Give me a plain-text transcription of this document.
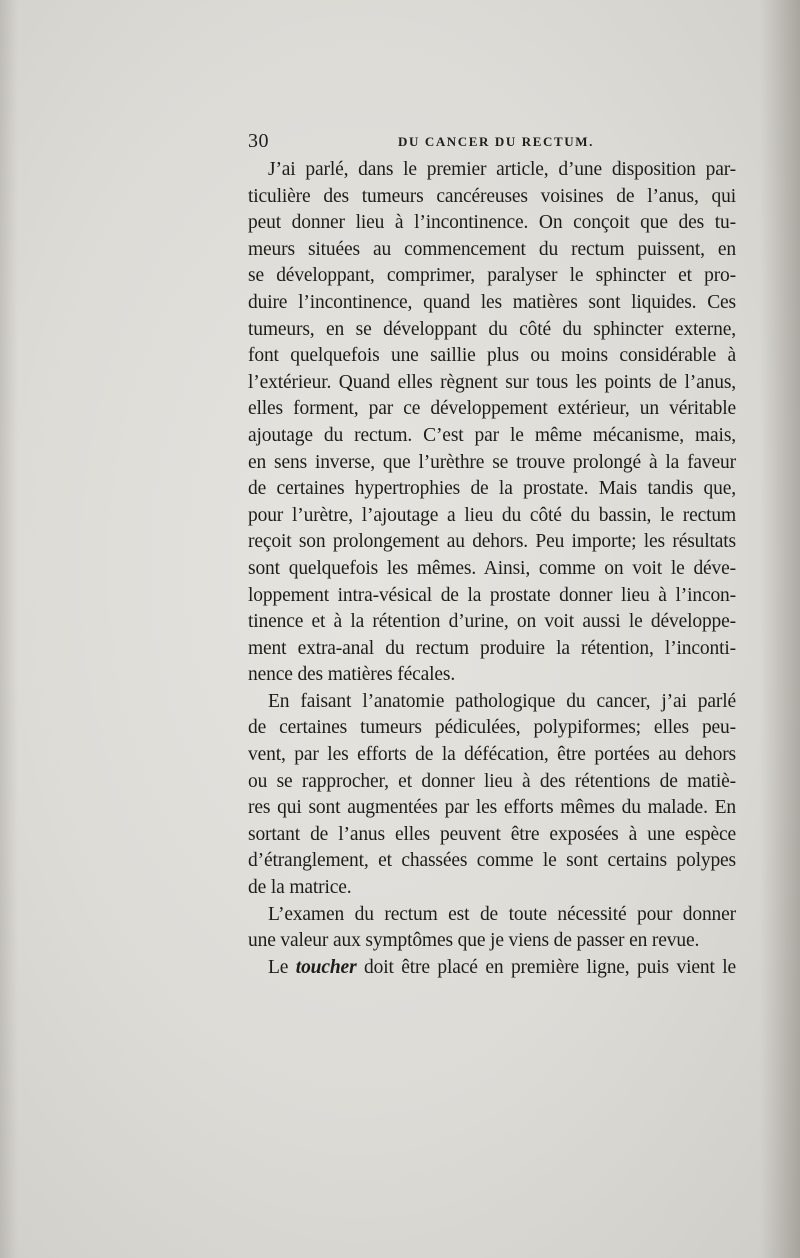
30	DU CANCER DU RECTUM.
J’ai parlé, dans le premier article, d’une disposition par-
ticulière des tumeurs cancéreuses voisines de l’anus, qui
peut donner lieu à l’incontinence. On conçoit que des tu-
meurs situées au commencement du rectum puissent, en
se développant, comprimer, paralyser le sphincter et pro-
duire l’incontinence, quand les matières sont liquides. Ces
tumeurs, en se développant du côté du sphincter externe,
font quelquefois une saillie plus ou moins considérable à
l’extérieur. Quand elles règnent sur tous les points de l’anus,
elles forment, par ce développement extérieur, un véritable
ajoutage du rectum. C’est par le même mécanisme, mais,
en sens inverse, que l’urèthre se trouve prolongé à la faveur
de certaines hypertrophies de la prostate. Mais tandis que,
pour l’urètre, l’ajoutage a lieu du côté du bassin, le rectum
reçoit son prolongement au dehors. Peu importe; les résultats
sont quelquefois les mêmes. Ainsi, comme on voit le déve-
loppement intra-vésical de la prostate donner lieu à l’incon-
tinence et à la rétention d’urine, on voit aussi le développe-
ment extra-anal du rectum produire la rétention, l’inconti-
nence des matières fécales.
En faisant l’anatomie pathologique du cancer, j’ai parlé
de certaines tumeurs pédiculées, polypiformes; elles peu-
vent, par les efforts de la défécation, être portées au dehors
ou se rapprocher, et donner lieu à des rétentions de matiè-
res qui sont augmentées par les efforts mêmes du malade. En
sortant de l’anus elles peuvent être exposées à une espèce
d’étranglement, et chassées comme le sont certains polypes
de la matrice.
L’examen du rectum est de toute nécessité pour donner
une valeur aux symptômes que je viens de passer en revue.
Le toucher doit être placé en première ligne, puis vient le
